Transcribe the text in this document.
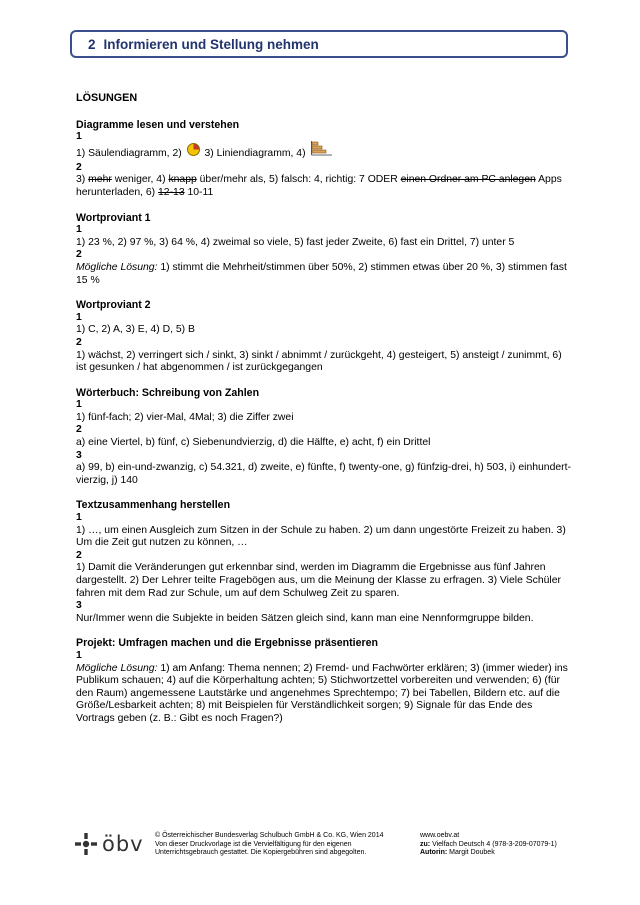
2 Informieren und Stellung nehmen
LÖSUNGEN
Diagramme lesen und verstehen
1
1) Säulendiagramm, 2) 3) Liniendiagramm, 4)
2
3) mehr weniger, 4) knapp über/mehr als, 5) falsch: 4, richtig: 7 ODER einen Ordner am PC anlegen Apps herunterladen, 6) 12-13 10-11
Wortproviant 1
1
1) 23 %, 2) 97 %, 3) 64 %, 4) zweimal so viele, 5) fast jeder Zweite, 6) fast ein Drittel, 7) unter 5
2
Mögliche Lösung: 1) stimmt die Mehrheit/stimmen über 50%, 2) stimmen etwas über 20 %, 3) stimmen fast 15 %
Wortproviant 2
1
1) C, 2) A, 3) E, 4) D, 5) B
2
1) wächst, 2) verringert sich / sinkt, 3) sinkt / abnimmt / zurückgeht, 4) gesteigert, 5) ansteigt / zunimmt, 6) ist gesunken / hat abgenommen / ist zurückgegangen
Wörterbuch: Schreibung von Zahlen
1
1) fünf-fach; 2) vier-Mal, 4Mal; 3) die Ziffer zwei
2
a) eine Viertel, b) fünf, c) Siebenundvierzig, d) die Hälfte, e) acht, f) ein Drittel
3
a) 99, b) ein-und-zwanzig, c) 54.321, d) zweite, e) fünfte, f) twenty-one, g) fünfzig-drei, h) 503, i) einhundert-vierzig, j) 140
Textzusammenhang herstellen
1
1) …, um einen Ausgleich zum Sitzen in der Schule zu haben. 2) um dann ungestörte Freizeit zu haben. 3) Um die Zeit gut nutzen zu können, …
2
1) Damit die Veränderungen gut erkennbar sind, werden im Diagramm die Ergebnisse aus fünf Jahren dargestellt. 2) Der Lehrer teilte Fragebögen aus, um die Meinung der Klasse zu erfragen. 3) Viele Schüler fahren mit dem Rad zur Schule, um auf dem Schulweg Zeit zu sparen.
3
Nur/Immer wenn die Subjekte in beiden Sätzen gleich sind, kann man eine Nennformgruppe bilden.
Projekt: Umfragen machen und die Ergebnisse präsentieren
1
Mögliche Lösung: 1) am Anfang: Thema nennen; 2) Fremd- und Fachwörter erklären; 3) (immer wieder) ins Publikum schauen; 4) auf die Körperhaltung achten; 5) Stichwortzettel vorbereiten und verwenden; 6) (für den Raum) angemessene Lautstärke und angenehmes Sprechtempo; 7) bei Tabellen, Bildern etc. auf die Größe/Lesbarkeit achten; 8) mit Beispielen für Verständlichkeit sorgen; 9) Signale für das Ende des Vortrags geben (z. B.: Gibt es noch Fragen?)
öbv © Österreichischer Bundesverlag Schulbuch GmbH & Co. KG, Wien 2014
Von dieser Druckvorlage ist die Vervielfältigung für den eigenen
Unterrichtsgebrauch gestattet. Die Kopiergebühren sind abgegolten.
www.oebv.at
zu: Vielfach Deutsch 4 (978-3-209-07079-1)
Autorin: Margit Doubek
